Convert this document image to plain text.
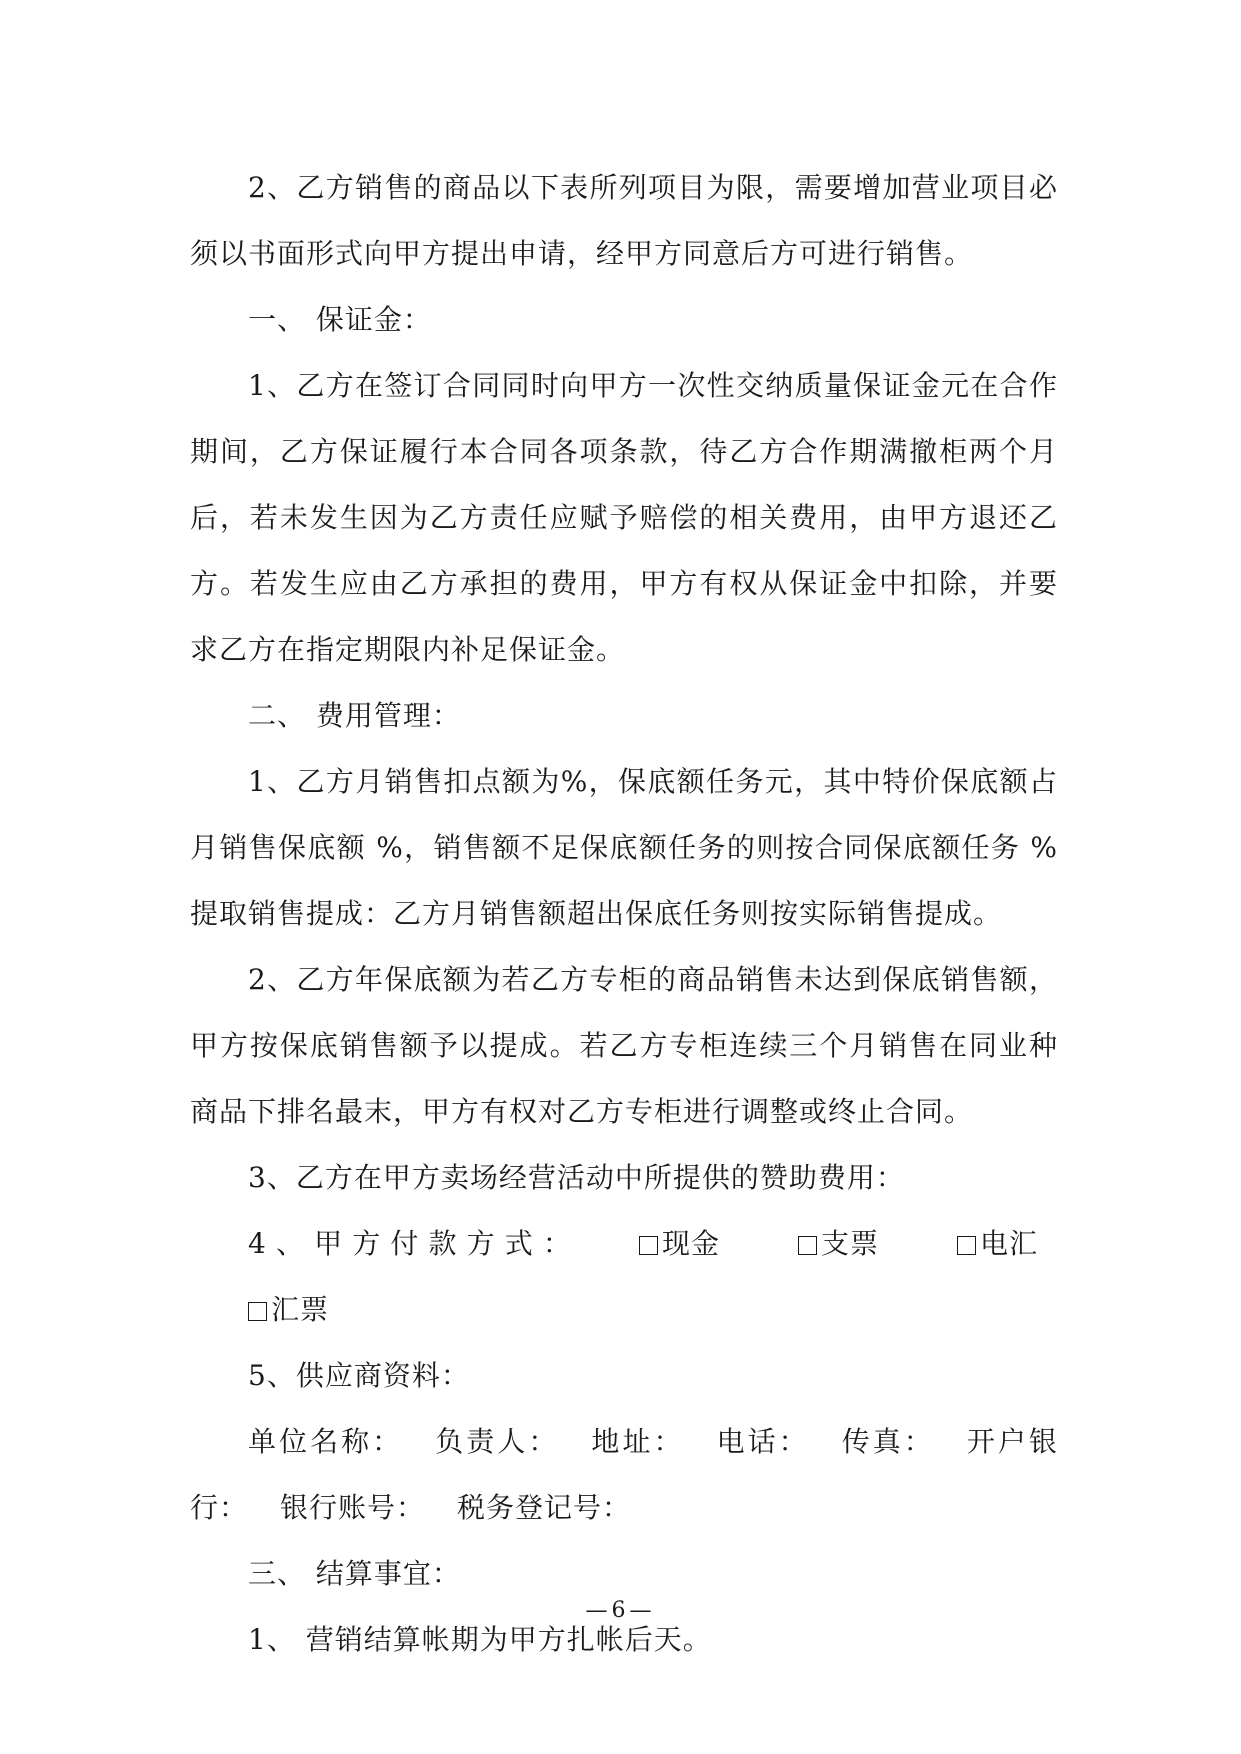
2、乙方销售的商品以下表所列项目为限，需要增加营业项目必须以书面形式向甲方提出申请，经甲方同意后方可进行销售。

一、 保证金：

1、乙方在签订合同同时向甲方一次性交纳质量保证金元在合作期间，乙方保证履行本合同各项条款，待乙方合作期满撤柜两个月后，若未发生因为乙方责任应赋予赔偿的相关费用，由甲方退还乙方。若发生应由乙方承担的费用，甲方有权从保证金中扣除，并要求乙方在指定期限内补足保证金。

二、 费用管理：

1、乙方月销售扣点额为%，保底额任务元，其中特价保底额占月销售保底额 %，销售额不足保底额任务的则按合同保底额任务 %提取销售提成：乙方月销售额超出保底任务则按实际销售提成。

2、乙方年保底额为若乙方专柜的商品销售未达到保底销售额，甲方按保底销售额予以提成。若乙方专柜连续三个月销售在同业种商品下排名最末，甲方有权对乙方专柜进行调整或终止合同。

3、乙方在甲方卖场经营活动中所提供的赞助费用：

4、甲方付款方式：	现金	支票	电汇汇票

5、供应商资料：

单位名称： 负责人： 地址： 电话： 传真： 开户银行： 银行账号： 税务登记号：

三、 结算事宜：

1、 营销结算帐期为甲方扎帐后天。

—6—
